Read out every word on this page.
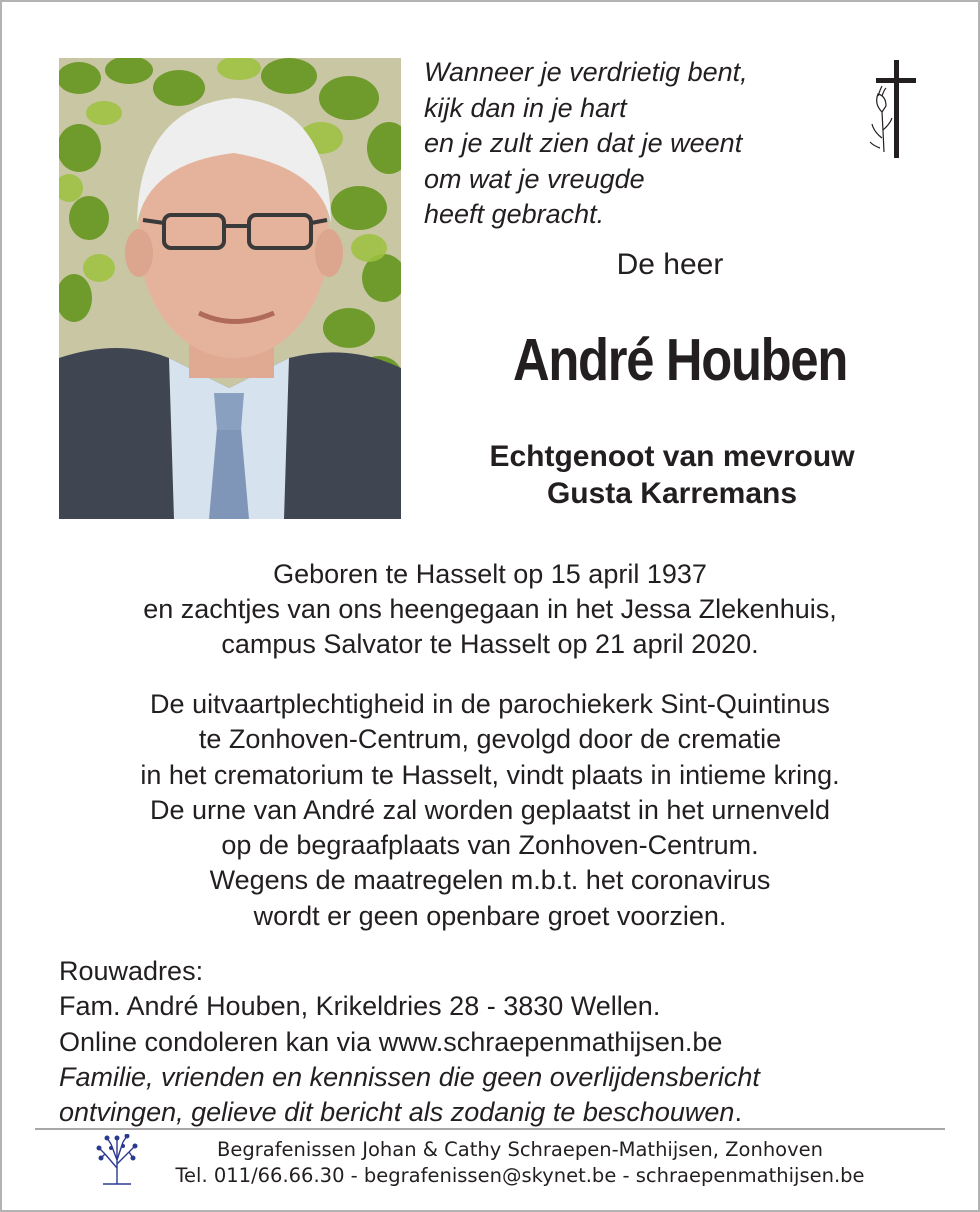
Wanneer je verdrietig bent,
kijk dan in je hart
en je zult zien dat je weent
om wat je vreugde
heeft gebracht.
De heer
André Houben
Echtgenoot van mevrouw
Gusta Karremans
Geboren te Hasselt op 15 april 1937
en zachtjes van ons heengegaan in het Jessa Zlekenhuis,
campus Salvator te Hasselt op 21 april 2020.
De uitvaartplechtigheid in de parochiekerk Sint-Quintinus
te Zonhoven-Centrum, gevolgd door de crematie
in het crematorium te Hasselt, vindt plaats in intieme kring.
De urne van André zal worden geplaatst in het urnenveld
op de begraafplaats van Zonhoven-Centrum.
Wegens de maatregelen m.b.t. het coronavirus
wordt er geen openbare groet voorzien.
Rouwadres:
Fam. André Houben, Krikeldries 28 - 3830 Wellen.
Online condoleren kan via www.schraepenmathijsen.be
Familie, vrienden en kennissen die geen overlijdensbericht
ontvingen, gelieve dit bericht als zodanig te beschouwen.
Begrafenissen Johan & Cathy Schraepen-Mathijsen, Zonhoven
Tel. 011/66.66.30 - begrafenissen@skynet.be - schraepenmathijsen.be
